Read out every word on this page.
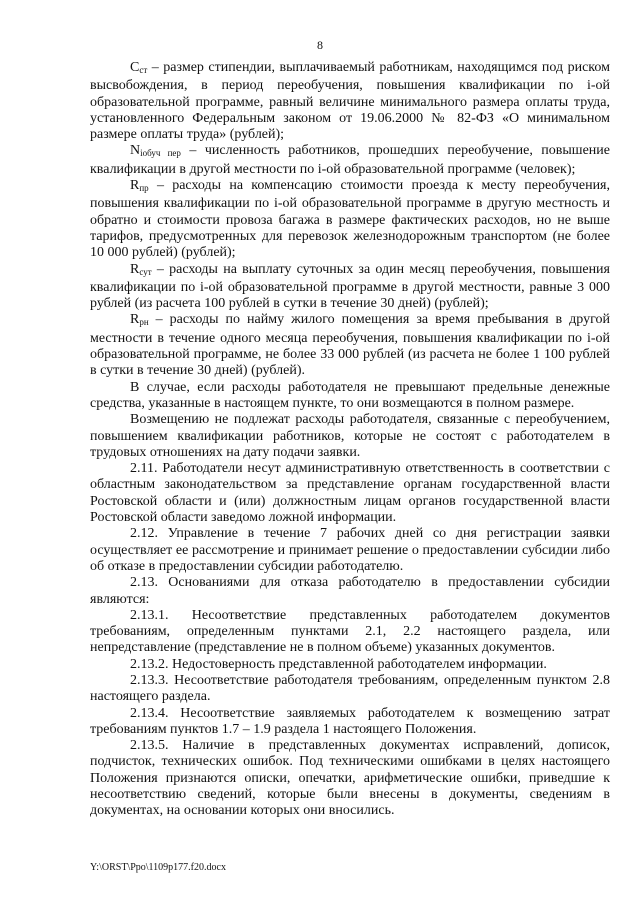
8

$С_{ст}$ – размер стипендии, выплачиваемый работникам, находящимся под риском высвобождения, в период переобучения, повышения квалификации по i-ой образовательной программе, равный величине минимального размера оплаты труда, установленного Федеральным законом от 19.06.2000 № 82-ФЗ «О минимальном размере оплаты труда» (рублей);

$N_{iобуч пер}$ – численность работников, прошедших переобучение, повышение квалификации в другой местности по i-ой образовательной программе (человек);

$R_{пр}$ – расходы на компенсацию стоимости проезда к месту переобучения, повышения квалификации по i-ой образовательной программе в другую местность и обратно и стоимости провоза багажа в размере фактических расходов, но не выше тарифов, предусмотренных для перевозок железнодорожным транспортом (не более 10 000 рублей) (рублей);

$R_{сут}$ – расходы на выплату суточных за один месяц переобучения, повышения квалификации по i-ой образовательной программе в другой местности, равные 3 000 рублей (из расчета 100 рублей в сутки в течение 30 дней) (рублей);

$R_{рн}$ – расходы по найму жилого помещения за время пребывания в другой местности в течение одного месяца переобучения, повышения квалификации по i-ой образовательной программе, не более 33 000 рублей (из расчета не более 1 100 рублей в сутки в течение 30 дней) (рублей).

В случае, если расходы работодателя не превышают предельные денежные средства, указанные в настоящем пункте, то они возмещаются в полном размере.

Возмещению не подлежат расходы работодателя, связанные с переобучением, повышением квалификации работников, которые не состоят с работодателем в трудовых отношениях на дату подачи заявки.

2.11. Работодатели несут административную ответственность в соответствии с областным законодательством за представление органам государственной власти Ростовской области и (или) должностным лицам органов государственной власти Ростовской области заведомо ложной информации.

2.12. Управление в течение 7 рабочих дней со дня регистрации заявки осуществляет ее рассмотрение и принимает решение о предоставлении субсидии либо об отказе в предоставлении субсидии работодателю.

2.13. Основаниями для отказа работодателю в предоставлении субсидии являются:

2.13.1. Несоответствие представленных работодателем документов требованиям, определенным пунктами 2.1, 2.2 настоящего раздела, или непредставление (представление не в полном объеме) указанных документов.

2.13.2. Недостоверность представленной работодателем информации.

2.13.3. Несоответствие работодателя требованиям, определенным пунктом 2.8 настоящего раздела.

2.13.4. Несоответствие заявляемых работодателем к возмещению затрат требованиям пунктов 1.7 – 1.9 раздела 1 настоящего Положения.

2.13.5. Наличие в представленных документах исправлений, дописок, подчисток, технических ошибок. Под техническими ошибками в целях настоящего Положения признаются описки, опечатки, арифметические ошибки, приведшие к несоответствию сведений, которые были внесены в документы, сведениям в документах, на основании которых они вносились.

Y:\ORST\Ppo\1109p177.f20.docx
